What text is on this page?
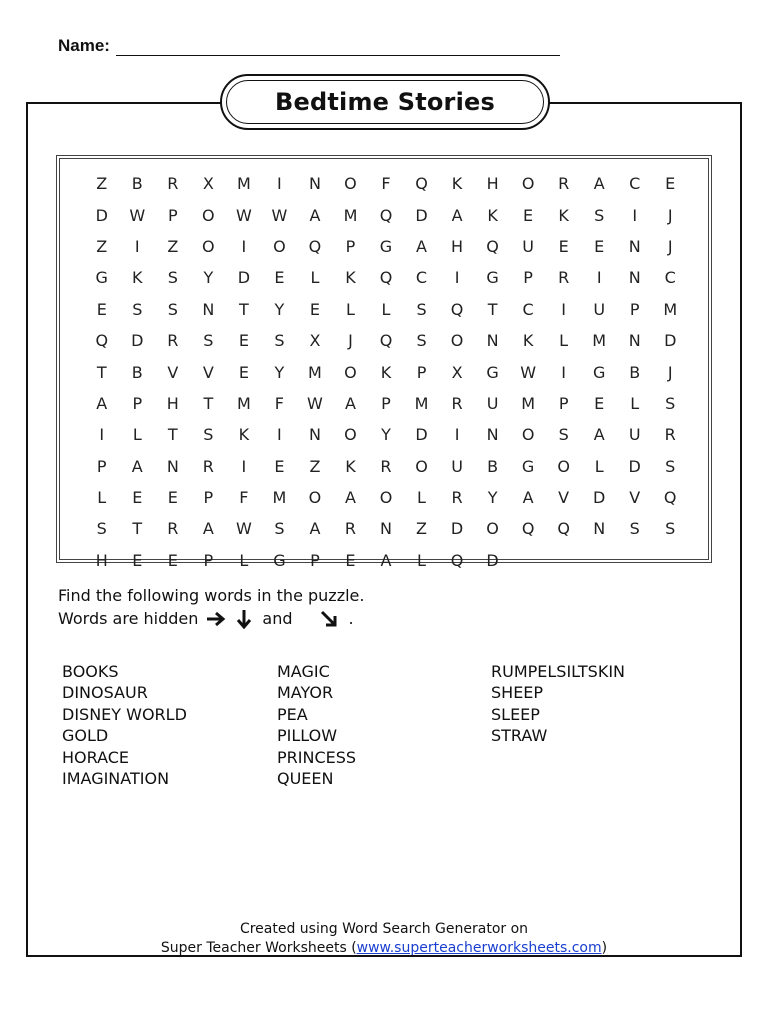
Name:
Bedtime Stories
Z	B	R	X	M	I	N	O	F	Q	K	H	O	R	A	C	E
D	W	P	O	W	W	A	M	Q	D	A	K	E	K	S	I	J
Z	I	Z	O	I	O	Q	P	G	A	H	Q	U	E	E	N	J
G	K	S	Y	D	E	L	K	Q	C	I	G	P	R	I	N	C
E	S	S	N	T	Y	E	L	L	S	Q	T	C	I	U	P	M
Q	D	R	S	E	S	X	J	Q	S	O	N	K	L	M	N	D
T	B	V	V	E	Y	M	O	K	P	X	G	W	I	G	B	J
A	P	H	T	M	F	W	A	P	M	R	U	M	P	E	L	S
I	L	T	S	K	I	N	O	Y	D	I	N	O	S	A	U	R
P	A	N	R	I	E	Z	K	R	O	U	B	G	O	L	D	S
L	E	E	P	F	M	O	A	O	L	R	Y	A	V	D	V	Q
S	T	R	A	W	S	A	R	N	Z	D	O	Q	Q	N	S	S
H	E	E	P	L	G	P	E	A	L	Q	D
Find the following words in the puzzle.
Words are hidden	and	.
BOOKS
DINOSAUR
DISNEY WORLD
GOLD
HORACE
IMAGINATION
MAGIC
MAYOR
PEA
PILLOW
PRINCESS
QUEEN
RUMPELSILTSKIN
SHEEP
SLEEP
STRAW
Created using Word Search Generator on
Super Teacher Worksheets (www.superteacherworksheets.com)
